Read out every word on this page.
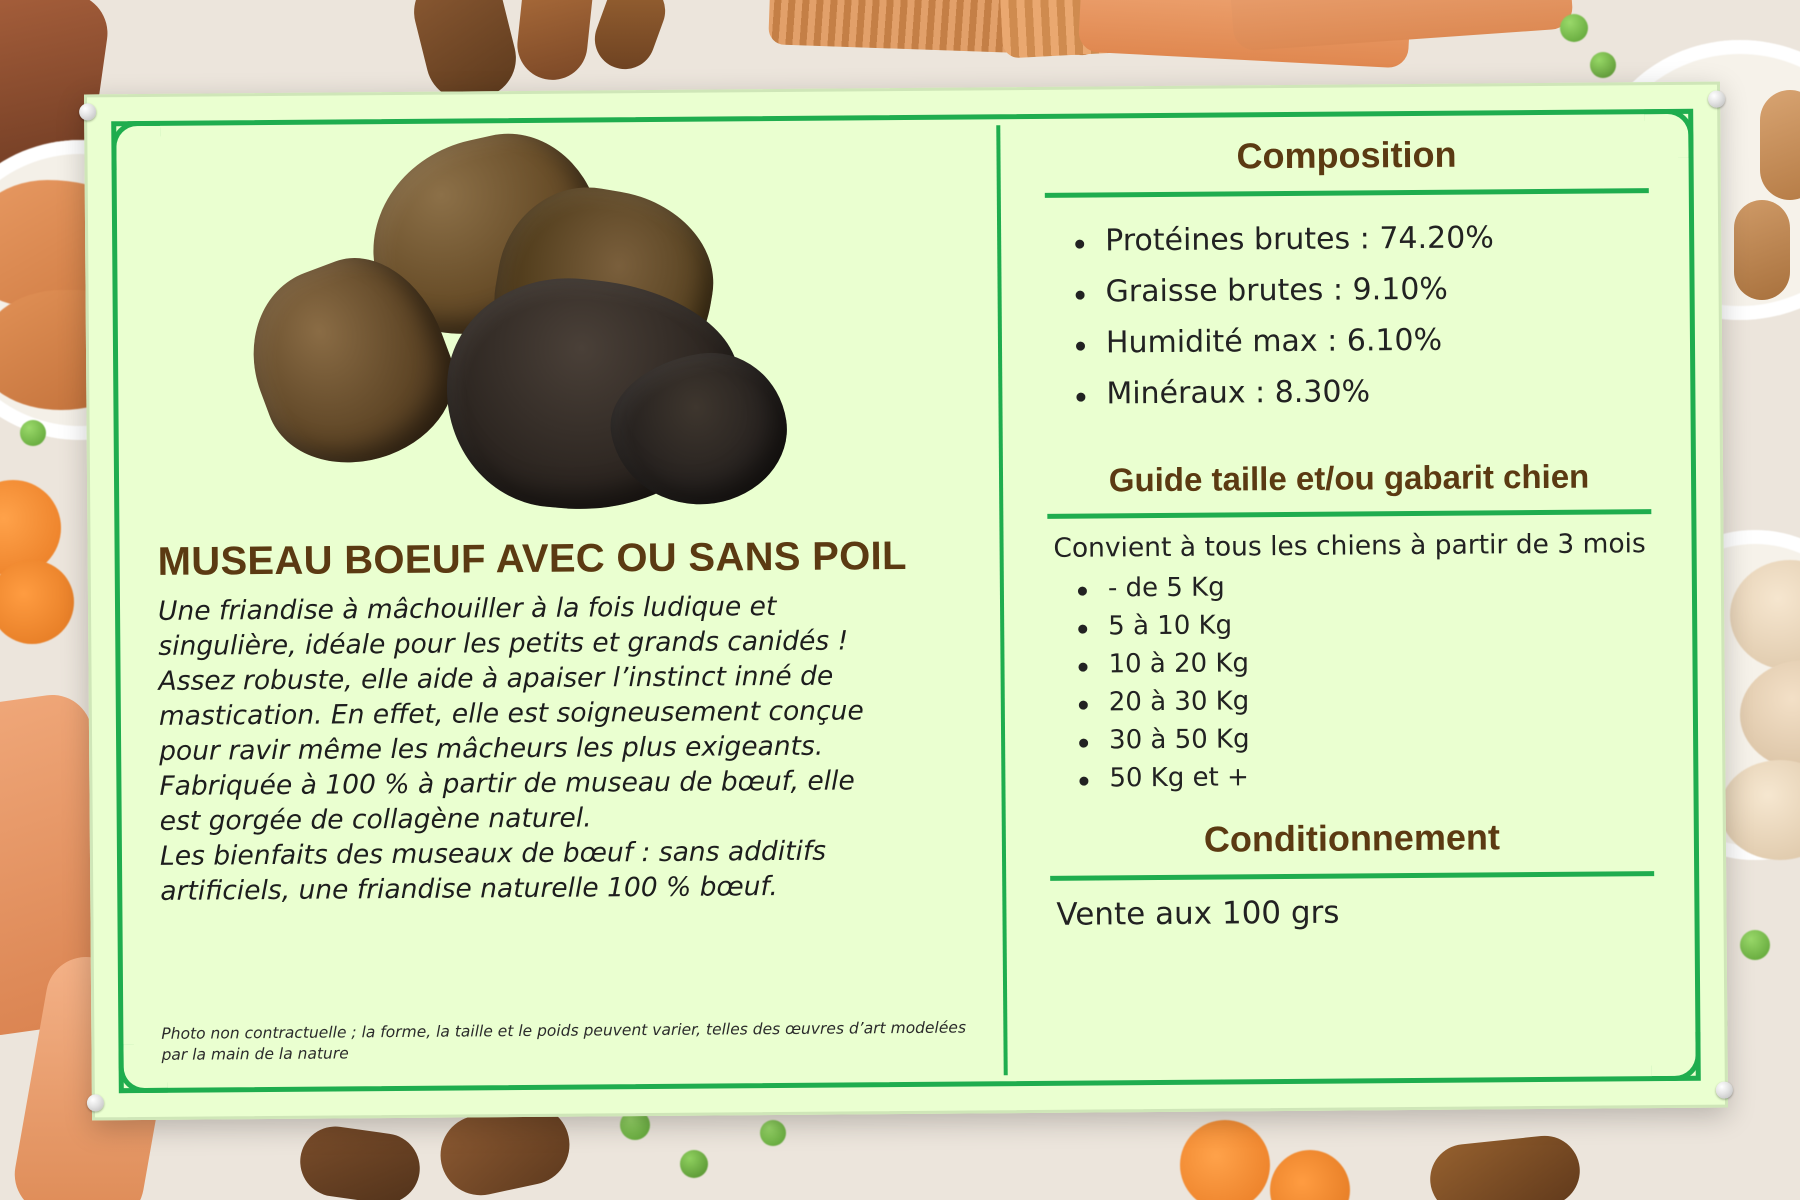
MUSEAU BOEUF AVEC OU SANS POIL

Une friandise à mâchouiller à la fois ludique et

singulière, idéale pour les petits et grands canidés !

Assez robuste, elle aide à apaiser l’instinct inné de

mastication. En effet, elle est soigneusement conçue

pour ravir même les mâcheurs les plus exigeants.

Fabriquée à 100 % à partir de museau de bœuf, elle

est gorgée de collagène naturel.

Les bienfaits des museaux de bœuf : sans additifs

artificiels, une friandise naturelle 100 % bœuf.

Photo non contractuelle ; la forme, la taille et le poids peuvent varier, telles des œuvres d’art modelées par la main de la nature
Composition
Protéines brutes : 74.20%
Graisse brutes : 9.10%
Humidité max : 6.10%
Minéraux : 8.30%
Guide taille et/ou gabarit chien
Convient à tous les chiens à partir de 3 mois
- de 5 Kg
5 à 10 Kg
10 à 20 Kg
20 à 30 Kg
30 à 50 Kg
50 Kg et +
Conditionnement
Vente aux 100 grs
